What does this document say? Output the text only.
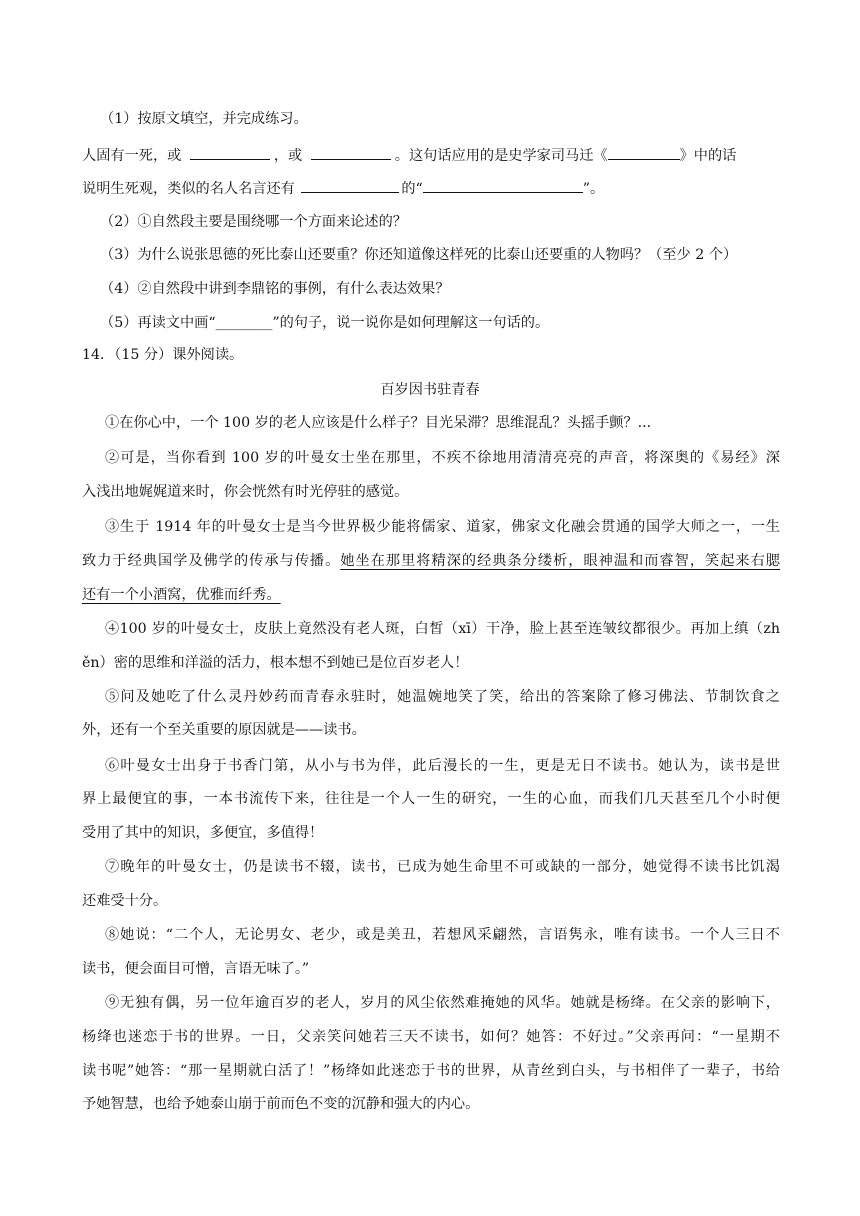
（1）按原文填空，并完成练习。
人固有一死，或	，或	。这句话应用的是史学家司马迁《	》中的话
说明生死观，类似的名人名言还有	的“	”。
（2）①自然段主要是围绕哪一个方面来论述的？
（3）为什么说张思德的死比泰山还要重？你还知道像这样死的比泰山还要重的人物吗？（至少 2 个）
（4）②自然段中讲到李鼎铭的事例，有什么表达效果？
（5）再读文中画“________”的句子，说一说你是如何理解这一句话的。
14．（15 分）课外阅读。
百岁因书驻青春
①在你心中，一个 100 岁的老人应该是什么样子？目光呆滞？思维混乱？头摇手颤？...
②可是，当你看到 100 岁的叶曼女士坐在那里，不疾不徐地用清清亮亮的声音，将深奥的《易经》深
入浅出地娓娓道来时，你会恍然有时光停驻的感觉。
③生于 1914 年的叶曼女士是当今世界极少能将儒家、道家，佛家文化融会贯通的国学大师之一，一生
致力于经典国学及佛学的传承与传播。她坐在那里将精深的经典条分缕析，眼神温和而睿智，笑起来右腮
还有一个小酒窝，优雅而纤秀。
④100 岁的叶曼女士，皮肤上竟然没有老人斑，白皙（xī）干净，脸上甚至连皱纹都很少。再加上缜（zh
ěn）密的思维和洋溢的活力，根本想不到她已是位百岁老人！
⑤问及她吃了什么灵丹妙药而青春永驻时，她温婉地笑了笑，给出的答案除了修习佛法、节制饮食之
外，还有一个至关重要的原因就是——读书。
⑥叶曼女士出身于书香门第，从小与书为伴，此后漫长的一生，更是无日不读书。她认为，读书是世
界上最便宜的事，一本书流传下来，往往是一个人一生的研究，一生的心血，而我们几天甚至几个小时便
受用了其中的知识，多便宜，多值得！
⑦晚年的叶曼女士，仍是读书不辍，读书，已成为她生命里不可或缺的一部分，她觉得不读书比饥渴
还难受十分。
⑧她说：“二个人，无论男女、老少，或是美丑，若想风采翩然，言语隽永，唯有读书。一个人三日不
读书，便会面目可憎，言语无味了。”
⑨无独有偶，另一位年逾百岁的老人，岁月的风尘依然难掩她的风华。她就是杨绛。在父亲的影响下，
杨绛也迷恋于书的世界。一日，父亲笑问她若三天不读书，如何？她答：不好过。”父亲再问：“一星期不
读书呢”她答：“那一星期就白活了！”杨绛如此迷恋于书的世界，从青丝到白头，与书相伴了一辈子，书给
予她智慧，也给予她泰山崩于前而色不变的沉静和强大的内心。
